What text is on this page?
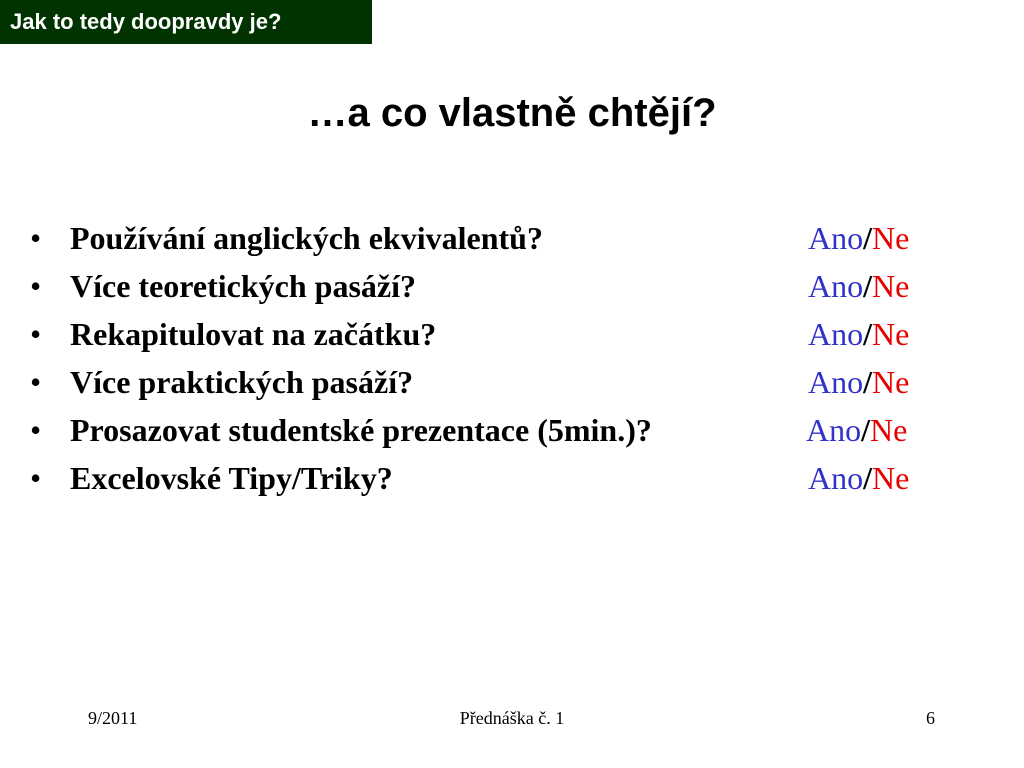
Jak to tedy doopravdy je?
…a co vlastně chtějí?
• Používání anglických ekvivalentů?	Ano/Ne
• Více teoretických pasáží?	Ano/Ne
• Rekapitulovat na začátku?	Ano/Ne
• Více praktických pasáží?	Ano/Ne
• Prosazovat studentské prezentace (5min.)?	Ano/Ne
• Excelovské Tipy/Triky?	Ano/Ne
9/2011	Přednáška č. 1	6
